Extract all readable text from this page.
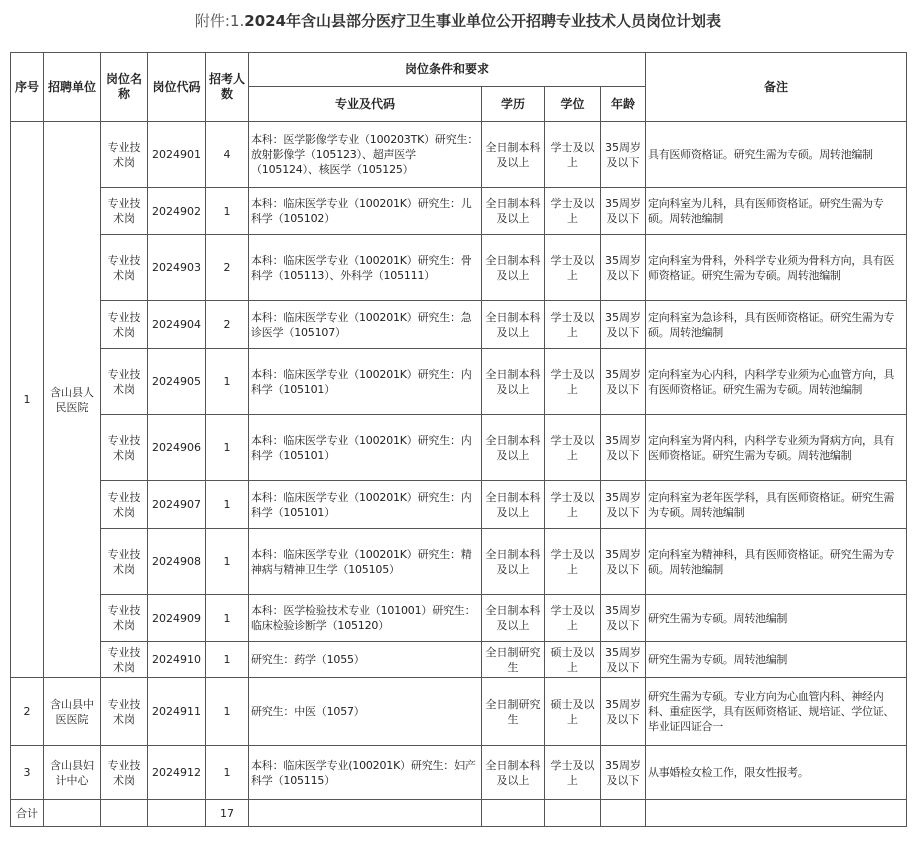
附件:1.2024年含山县部分医疗卫生事业单位公开招聘专业技术人员岗位计划表
序号	招聘单位	岗位名称	岗位代码	招考人数	岗位条件和要求				备注
					专业及代码	学历	学位	年龄	
1	含山县人民医院	专业技术岗	2024901	4	本科：医学影像学专业（100203TK）研究生：放射影像学（105123）、超声医学（105124）、核医学（105125）	全日制本科及以上	学士及以上	35周岁及以下	具有医师资格证。研究生需为专硕。周转池编制
		专业技术岗	2024902	1	本科：临床医学专业（100201K）研究生：儿科学（105102）	全日制本科及以上	学士及以上	35周岁及以下	定向科室为儿科，具有医师资格证。研究生需为专硕。周转池编制
		专业技术岗	2024903	2	本科：临床医学专业（100201K）研究生：骨科学（105113）、外科学（105111）	全日制本科及以上	学士及以上	35周岁及以下	定向科室为骨科，外科学专业须为骨科方向，具有医师资格证。研究生需为专硕。周转池编制
		专业技术岗	2024904	2	本科：临床医学专业（100201K）研究生：急诊医学（105107）	全日制本科及以上	学士及以上	35周岁及以下	定向科室为急诊科，具有医师资格证。研究生需为专硕。周转池编制
		专业技术岗	2024905	1	本科：临床医学专业（100201K）研究生：内科学（105101）	全日制本科及以上	学士及以上	35周岁及以下	定向科室为心内科，内科学专业须为心血管方向，具有医师资格证。研究生需为专硕。周转池编制
		专业技术岗	2024906	1	本科：临床医学专业（100201K）研究生：内科学（105101）	全日制本科及以上	学士及以上	35周岁及以下	定向科室为肾内科，内科学专业须为肾病方向，具有医师资格证。研究生需为专硕。周转池编制
		专业技术岗	2024907	1	本科：临床医学专业（100201K）研究生：内科学（105101）	全日制本科及以上	学士及以上	35周岁及以下	定向科室为老年医学科，具有医师资格证。研究生需为专硕。周转池编制
		专业技术岗	2024908	1	本科：临床医学专业（100201K）研究生：精神病与精神卫生学（105105）	全日制本科及以上	学士及以上	35周岁及以下	定向科室为精神科，具有医师资格证。研究生需为专硕。周转池编制
		专业技术岗	2024909	1	本科：医学检验技术专业（101001）研究生：临床检验诊断学（105120）	全日制本科及以上	学士及以上	35周岁及以下	研究生需为专硕。周转池编制
		专业技术岗	2024910	1	研究生：药学（1055）	全日制研究生	硕士及以上	35周岁及以下	研究生需为专硕。周转池编制
2	含山县中医医院	专业技术岗	2024911	1	研究生：中医（1057）	全日制研究生	硕士及以上	35周岁及以下	研究生需为专硕。专业方向为心血管内科、神经内科、重症医学，具有医师资格证、规培证、学位证、毕业证四证合一
3	含山县妇计中心	专业技术岗	2024912	1	本科：临床医学专业(100201K）研究生：妇产科学（105115）	全日制本科及以上	学士及以上	35周岁及以下	从事婚检女检工作，限女性报考。
合计				17					
